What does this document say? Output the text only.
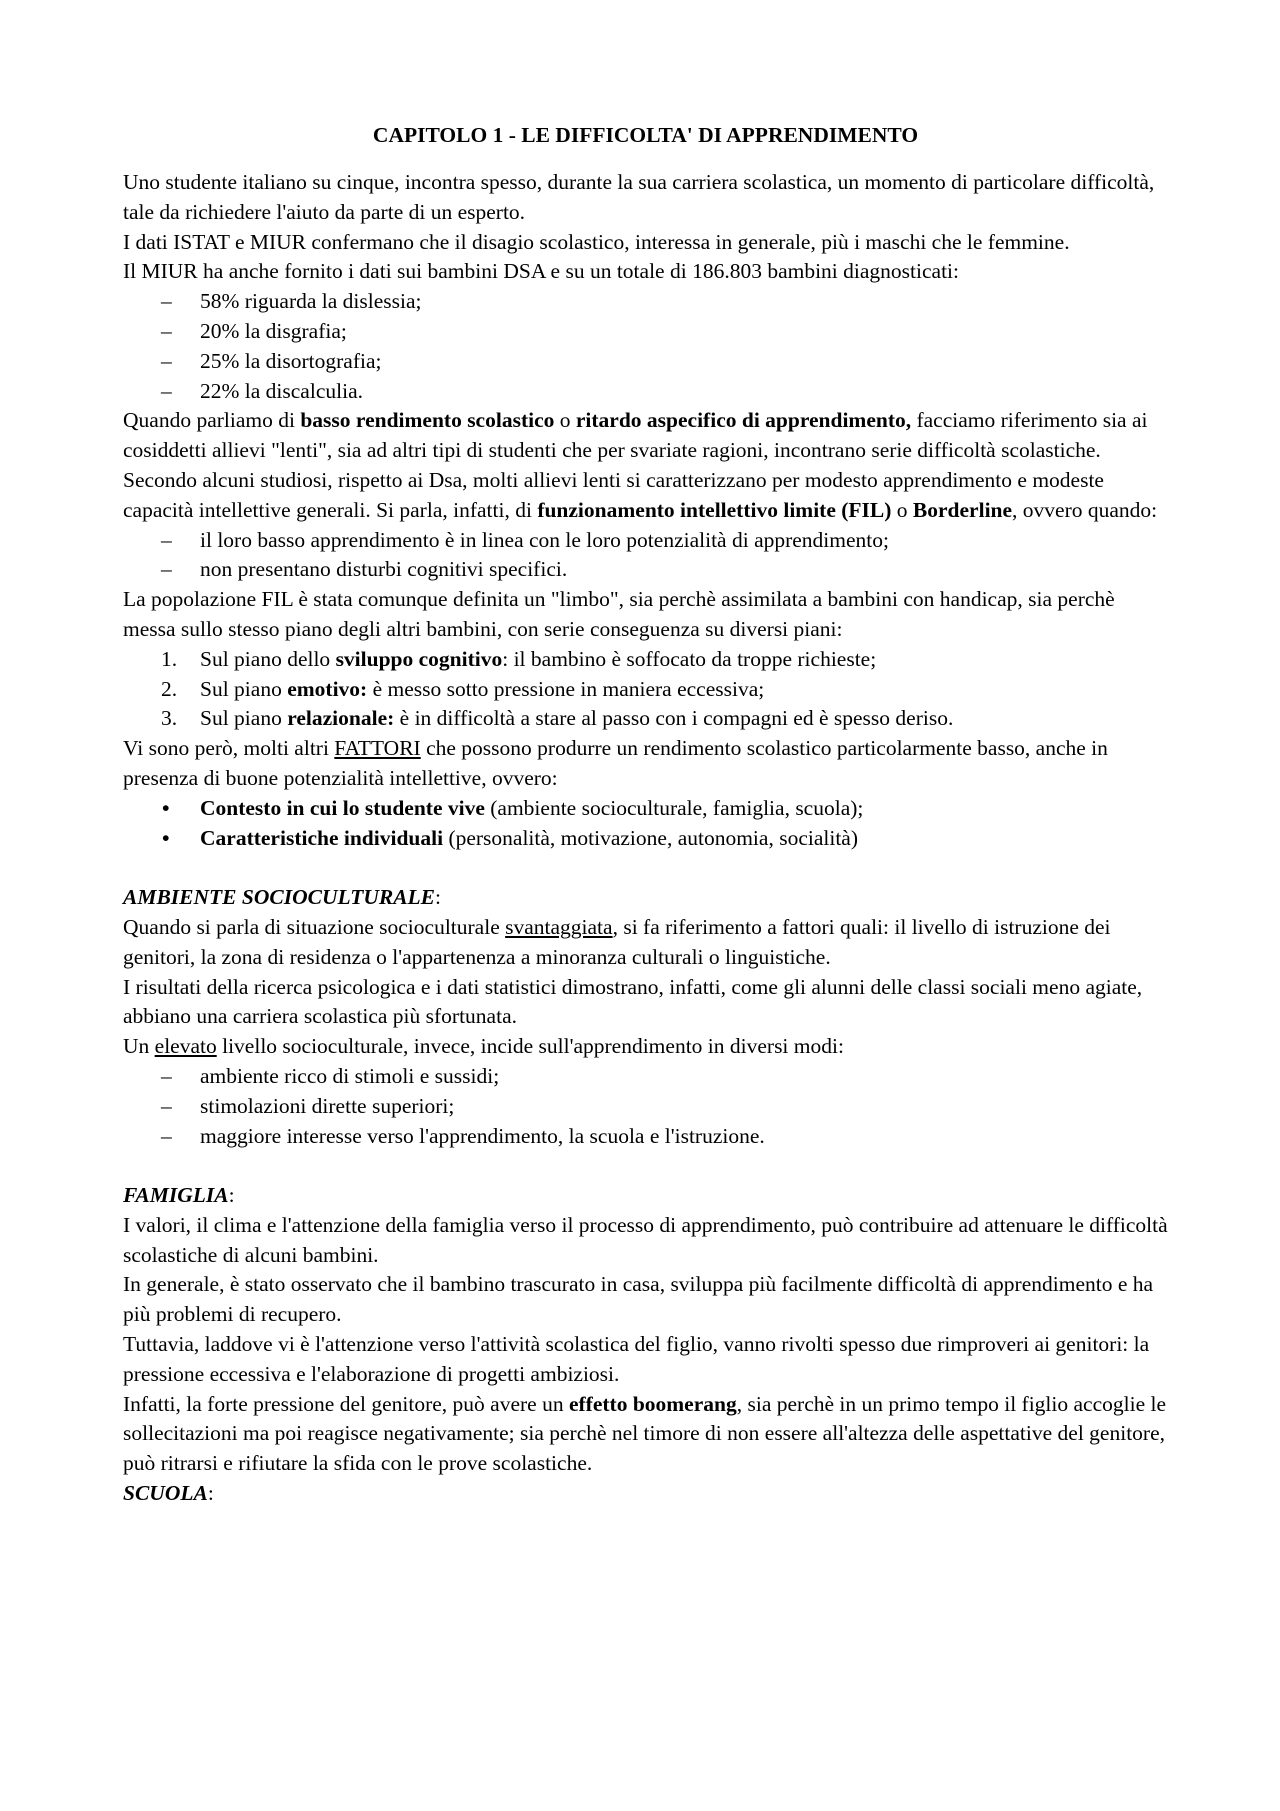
CAPITOLO 1 - LE DIFFICOLTA' DI APPRENDIMENTO

Uno studente italiano su cinque, incontra spesso, durante la sua carriera scolastica, un momento di particolare difficoltà, tale da richiedere l'aiuto da parte di un esperto.

I dati ISTAT e MIUR confermano che il disagio scolastico, interessa in generale, più i maschi che le femmine.

Il MIUR ha anche fornito i dati sui bambini DSA e su un totale di 186.803 bambini diagnosticati:

– 58% riguarda la dislessia;
– 20% la disgrafia;
– 25% la disortografia;
– 22% la discalculia.

Quando parliamo di basso rendimento scolastico o ritardo aspecifico di apprendimento, facciamo riferimento sia ai cosiddetti allievi "lenti", sia ad altri tipi di studenti che per svariate ragioni, incontrano serie difficoltà scolastiche.

Secondo alcuni studiosi, rispetto ai Dsa, molti allievi lenti si caratterizzano per modesto apprendimento e modeste capacità intellettive generali. Si parla, infatti, di funzionamento intellettivo limite (FIL) o Borderline, ovvero quando:

– il loro basso apprendimento è in linea con le loro potenzialità di apprendimento;
– non presentano disturbi cognitivi specifici.

La popolazione FIL è stata comunque definita un "limbo", sia perchè assimilata a bambini con handicap, sia perchè messa sullo stesso piano degli altri bambini, con serie conseguenza su diversi piani:

1. Sul piano dello sviluppo cognitivo: il bambino è soffocato da troppe richieste;
2. Sul piano emotivo: è messo sotto pressione in maniera eccessiva;
3. Sul piano relazionale: è in difficoltà a stare al passo con i compagni ed è spesso deriso.

Vi sono però, molti altri FATTORI che possono produrre un rendimento scolastico particolarmente basso, anche in presenza di buone potenzialità intellettive, ovvero:

• Contesto in cui lo studente vive (ambiente socioculturale, famiglia, scuola);
• Caratteristiche individuali (personalità, motivazione, autonomia, socialità)

AMBIENTE SOCIOCULTURALE:

Quando si parla di situazione socioculturale svantaggiata, si fa riferimento a fattori quali: il livello di istruzione dei genitori, la zona di residenza o l'appartenenza a minoranza culturali o linguistiche.

I risultati della ricerca psicologica e i dati statistici dimostrano, infatti, come gli alunni delle classi sociali meno agiate, abbiano una carriera scolastica più sfortunata.

Un elevato livello socioculturale, invece, incide sull'apprendimento in diversi modi:

– ambiente ricco di stimoli e sussidi;
– stimolazioni dirette superiori;
– maggiore interesse verso l'apprendimento, la scuola e l'istruzione.

FAMIGLIA:

I valori, il clima e l'attenzione della famiglia verso il processo di apprendimento, può contribuire ad attenuare le difficoltà scolastiche di alcuni bambini.

In generale, è stato osservato che il bambino trascurato in casa, sviluppa più facilmente difficoltà di apprendimento e ha più problemi di recupero.

Tuttavia, laddove vi è l'attenzione verso l'attività scolastica del figlio, vanno rivolti spesso due rimproveri ai genitori: la pressione eccessiva e l'elaborazione di progetti ambiziosi.

Infatti, la forte pressione del genitore, può avere un effetto boomerang, sia perchè in un primo tempo il figlio accoglie le sollecitazioni ma poi reagisce negativamente; sia perchè nel timore di non essere all'altezza delle aspettative del genitore, può ritrarsi e rifiutare la sfida con le prove scolastiche.

SCUOLA:
